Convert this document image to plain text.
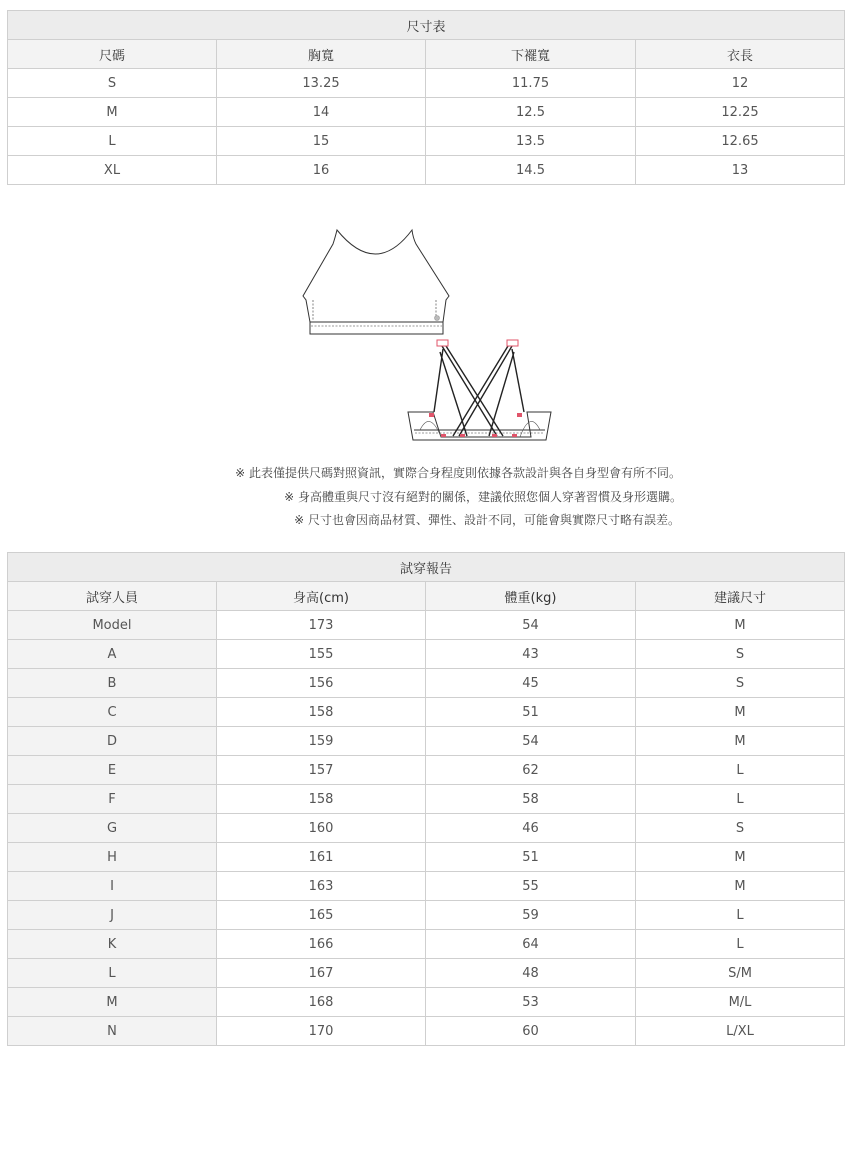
尺寸表			
尺碼	胸寬	下襬寬	衣長
S	13.25	11.75	12
M	14	12.5	12.25
L	15	13.5	12.65
XL	16	14.5	13
※ 此表僅提供尺碼對照資訊，實際合身程度則依據各款設計與各自身型會有所不同。
※ 身高體重與尺寸沒有絕對的關係，建議依照您個人穿著習慣及身形選購。
※ 尺寸也會因商品材質、彈性、設計不同，可能會與實際尺寸略有誤差。
試穿報告			
試穿人員	身高(cm)	體重(kg)	建議尺寸
Model	173	54	M
A	155	43	S
B	156	45	S
C	158	51	M
D	159	54	M
E	157	62	L
F	158	58	L
G	160	46	S
H	161	51	M
I	163	55	M
J	165	59	L
K	166	64	L
L	167	48	S/M
M	168	53	M/L
N	170	60	L/XL
